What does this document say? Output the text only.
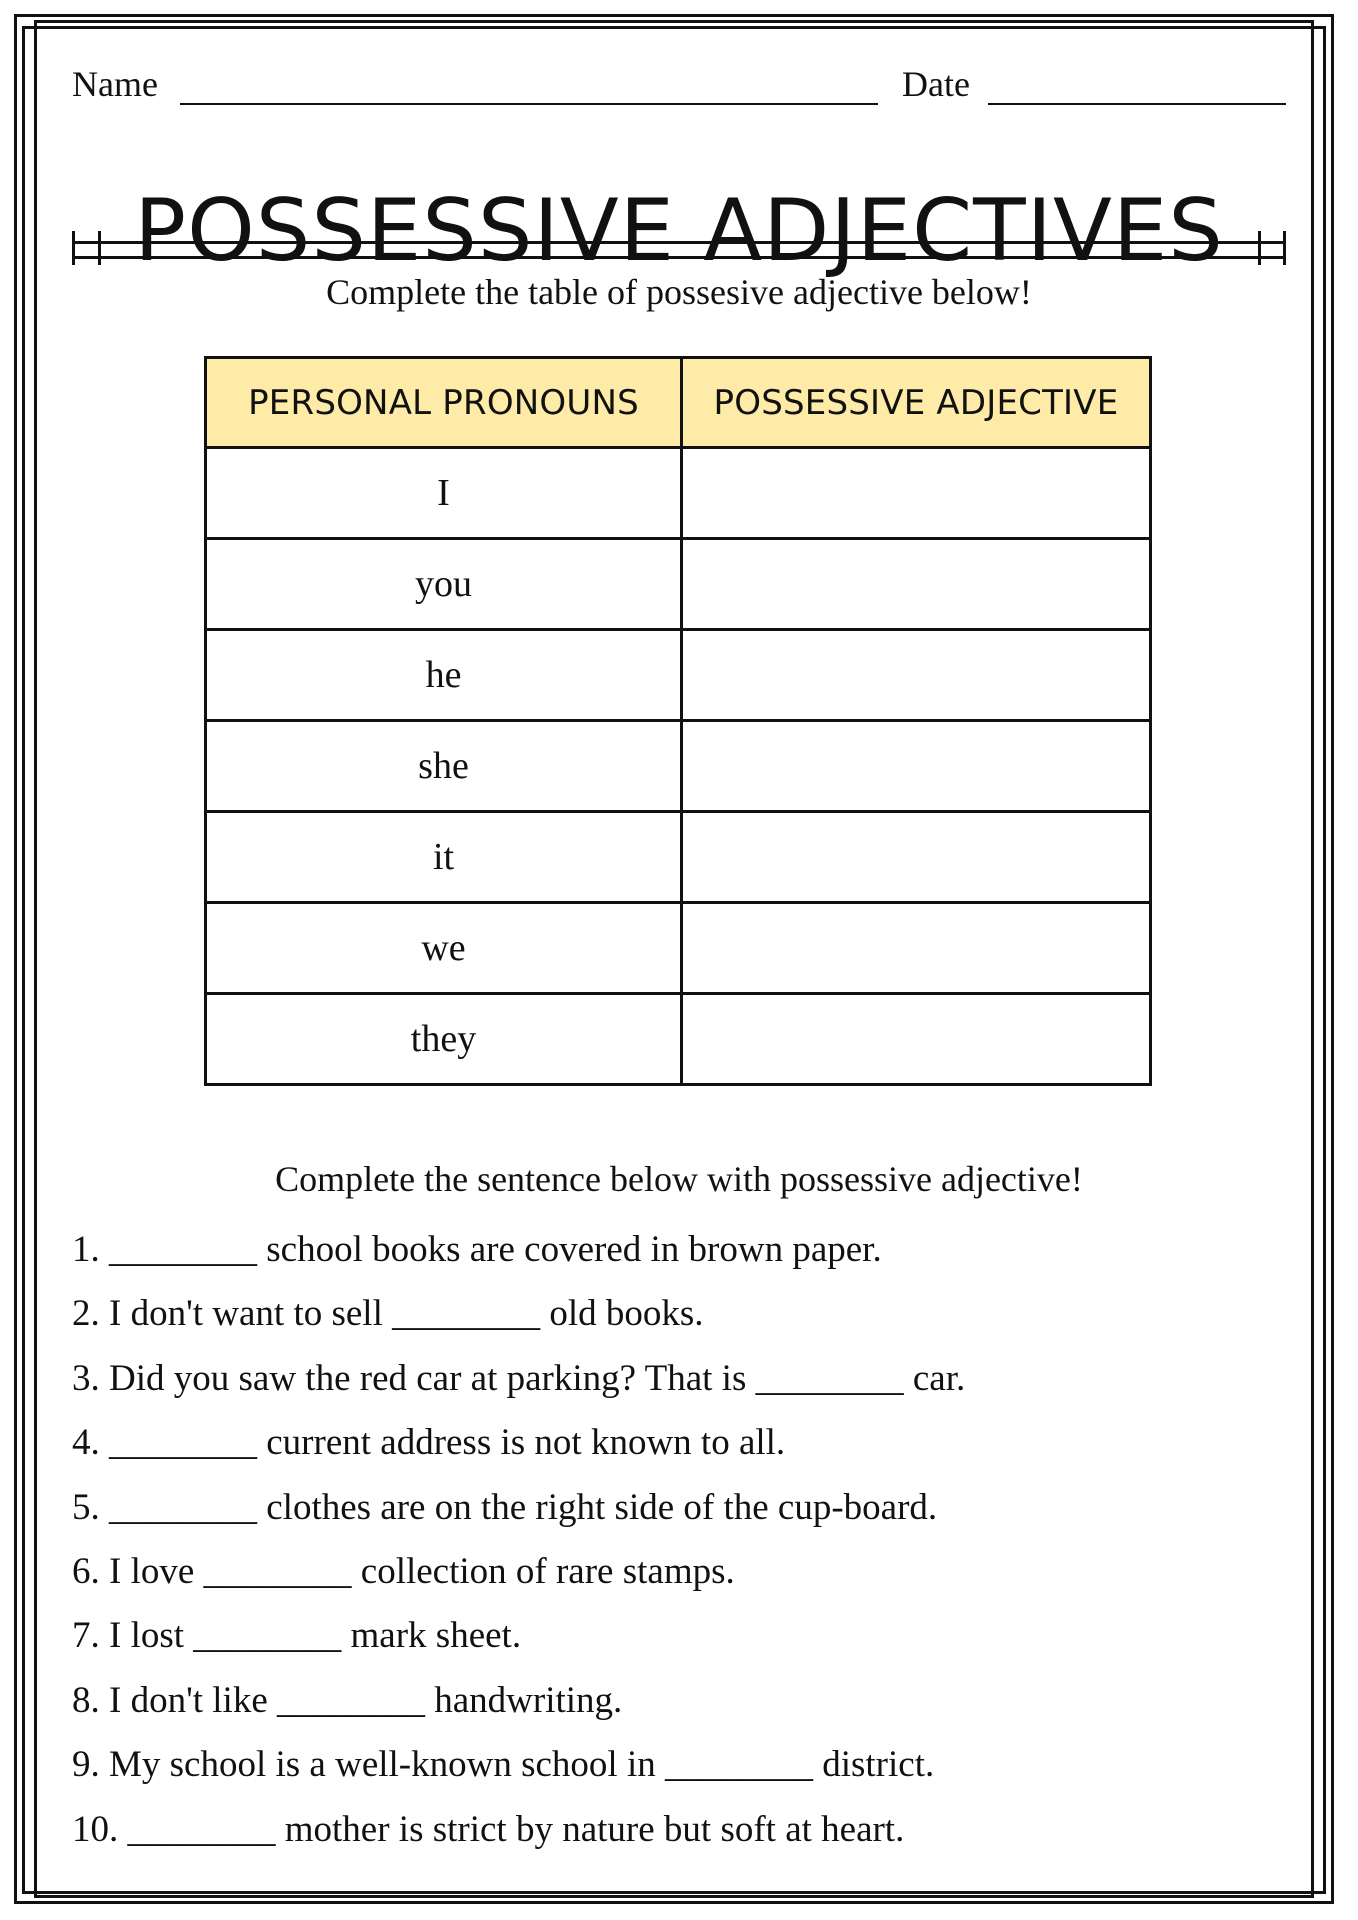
Name	Date
POSSESSIVE ADJECTIVES
Complete the table of possesive adjective below!
PERSONAL PRONOUNS	POSSESSIVE ADJECTIVE
I	
you	
he	
she	
it	
we	
they	
Complete the sentence below with possessive adjective!
1. ________ school books are covered in brown paper.
2. I don't want to sell ________ old books.
3. Did you saw the red car at parking? That is ________ car.
4. ________ current address is not known to all.
5. ________ clothes are on the right side of the cup-board.
6. I love ________ collection of rare stamps.
7. I lost ________ mark sheet.
8. I don't like ________ handwriting.
9. My school is a well-known school in ________ district.
10. ________ mother is strict by nature but soft at heart.
